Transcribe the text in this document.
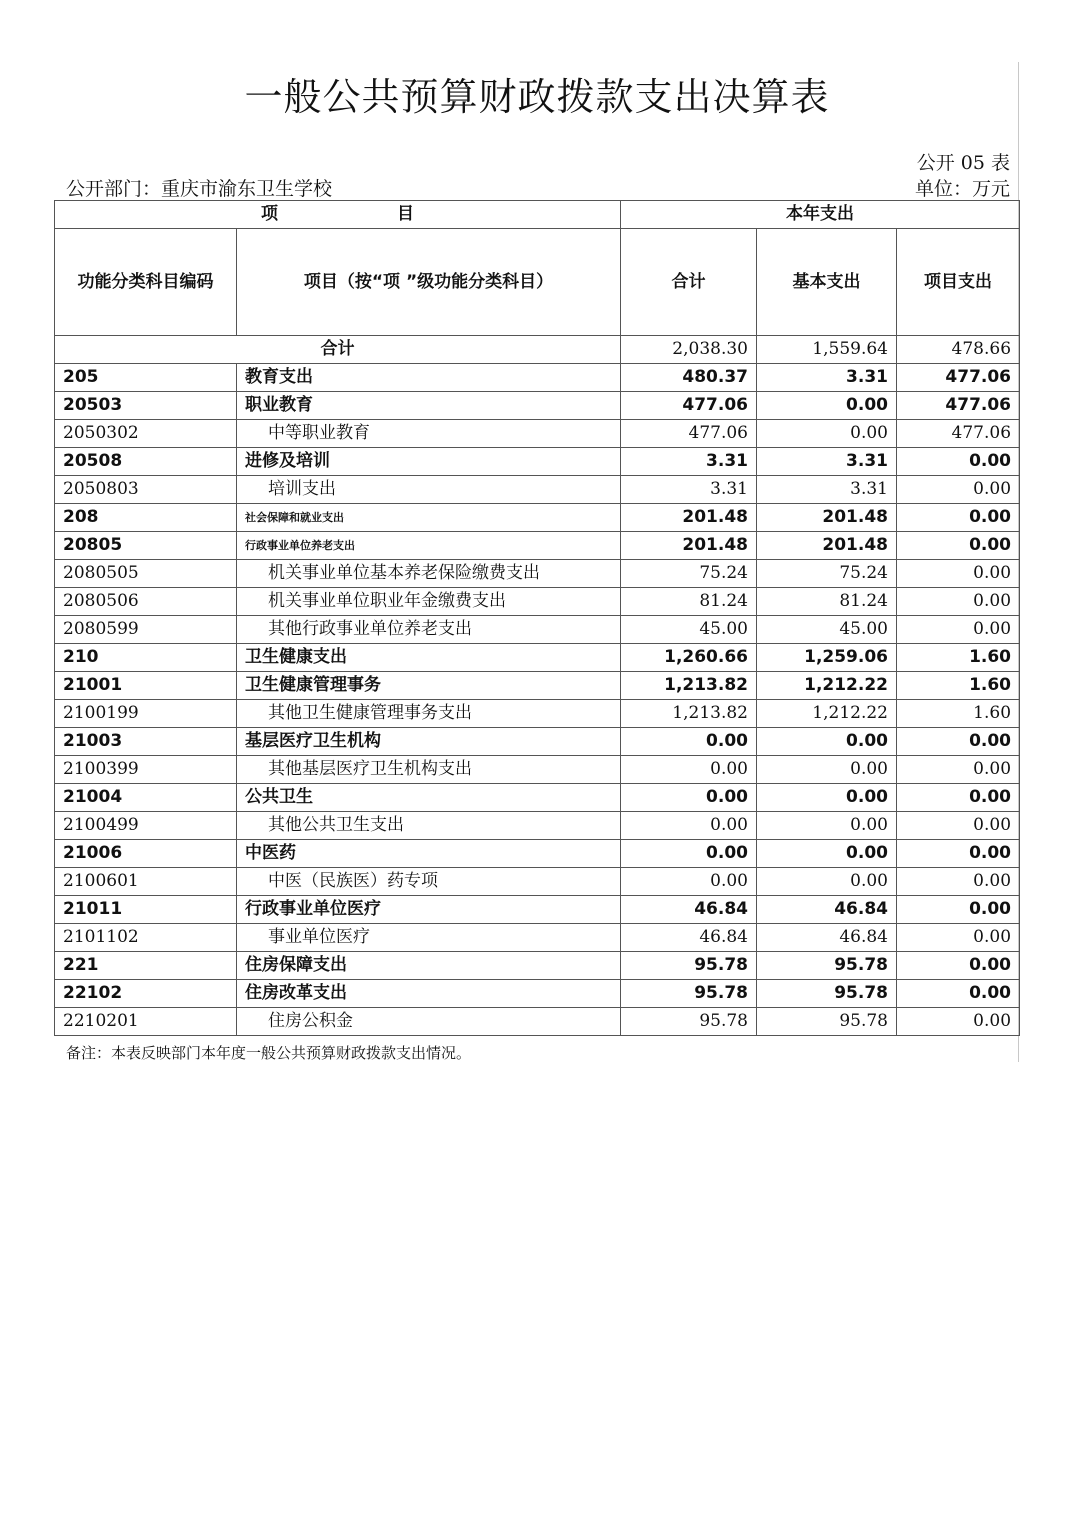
一般公共预算财政拨款支出决算表
公开 05 表
公开部门：重庆市渝东卫生学校	单位：万元
项　　　　　　　目		本年支出		
功能分类科目编码	项目（按“项 ”级功能分类科目）	合计	基本支出	项目支出
合计		2,038.30	1,559.64	478.66
205	教育支出	480.37	3.31	477.06
20503	职业教育	477.06	0.00	477.06
2050302	中等职业教育	477.06	0.00	477.06
20508	进修及培训	3.31	3.31	0.00
2050803	培训支出	3.31	3.31	0.00
208	社会保障和就业支出	201.48	201.48	0.00
20805	行政事业单位养老支出	201.48	201.48	0.00
2080505	机关事业单位基本养老保险缴费支出	75.24	75.24	0.00
2080506	机关事业单位职业年金缴费支出	81.24	81.24	0.00
2080599	其他行政事业单位养老支出	45.00	45.00	0.00
210	卫生健康支出	1,260.66	1,259.06	1.60
21001	卫生健康管理事务	1,213.82	1,212.22	1.60
2100199	其他卫生健康管理事务支出	1,213.82	1,212.22	1.60
21003	基层医疗卫生机构	0.00	0.00	0.00
2100399	其他基层医疗卫生机构支出	0.00	0.00	0.00
21004	公共卫生	0.00	0.00	0.00
2100499	其他公共卫生支出	0.00	0.00	0.00
21006	中医药	0.00	0.00	0.00
2100601	中医（民族医）药专项	0.00	0.00	0.00
21011	行政事业单位医疗	46.84	46.84	0.00
2101102	事业单位医疗	46.84	46.84	0.00
221	住房保障支出	95.78	95.78	0.00
22102	住房改革支出	95.78	95.78	0.00
2210201	住房公积金	95.78	95.78	0.00
备注：本表反映部门本年度一般公共预算财政拨款支出情况。
